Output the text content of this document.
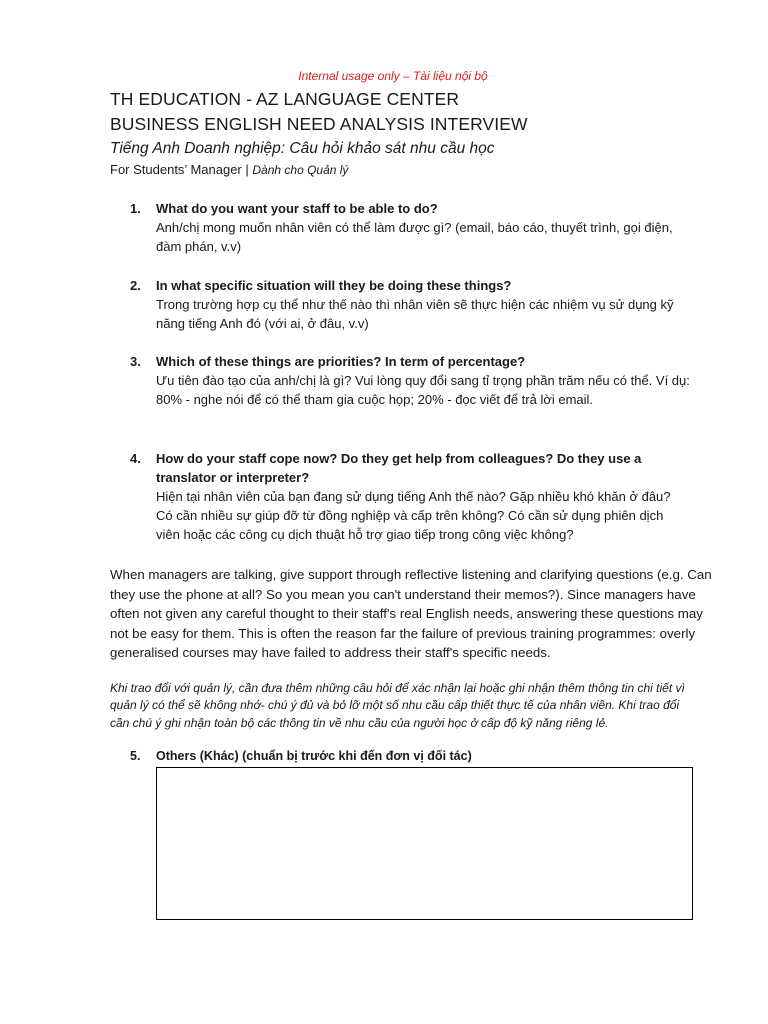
Internal usage only – Tài liệu nội bộ
TH EDUCATION - AZ LANGUAGE CENTER
BUSINESS ENGLISH NEED ANALYSIS INTERVIEW
Tiếng Anh Doanh nghiệp: Câu hỏi khảo sát nhu cầu học
For Students’ Manager | Dành cho Quản lý
1. What do you want your staff to be able to do?
Anh/chị mong muốn nhân viên có thể làm được gì? (email, báo cáo, thuyết trình, gọi điện, đàm phán, v.v)
2. In what specific situation will they be doing these things?
Trong trường hợp cụ thể như thế nào thì nhân viên sẽ thực hiện các nhiệm vụ sử dụng kỹ năng tiếng Anh đó (với ai, ở đâu, v.v)
3. Which of these things are priorities? In term of percentage?
Ưu tiên đào tạo của anh/chị là gì? Vui lòng quy đổi sang tỉ trọng phần trăm nếu có thể. Ví dụ: 80% - nghe nói để có thể tham gia cuộc họp; 20% - đọc viết để trả lời email.
4. How do your staff cope now? Do they get help from colleagues? Do they use a translator or interpreter?
Hiện tại nhân viên của bạn đang sử dụng tiếng Anh thế nào? Gặp nhiều khó khăn ở đâu? Có cần nhiều sự giúp đỡ từ đồng nghiệp và cấp trên không? Có cần sử dụng phiên dịch viên hoặc các công cụ dịch thuật hỗ trợ giao tiếp trong công việc không?
When managers are talking, give support through reflective listening and clarifying questions (e.g. Can they use the phone at all? So you mean you can't understand their memos?). Since managers have often not given any careful thought to their staff's real English needs, answering these questions may not be easy for them. This is often the reason far the failure of previous training programmes: overly generalised courses may have failed to address their staff's specific needs.
Khi trao đổi với quản lý, cần đưa thêm những câu hỏi để xác nhận lại hoặc ghi nhận thêm thông tin chi tiết vì quản lý có thể sẽ không nhớ- chú ý đủ và bỏ lỡ một số nhu cầu cấp thiết thực tế của nhân viên. Khi trao đổi cần chú ý ghi nhận toàn bộ các thông tin về nhu cầu của người học ở cấp độ kỹ năng riêng lẻ.
5. Others (Khác) (chuẩn bị trước khi đến đơn vị đối tác)
